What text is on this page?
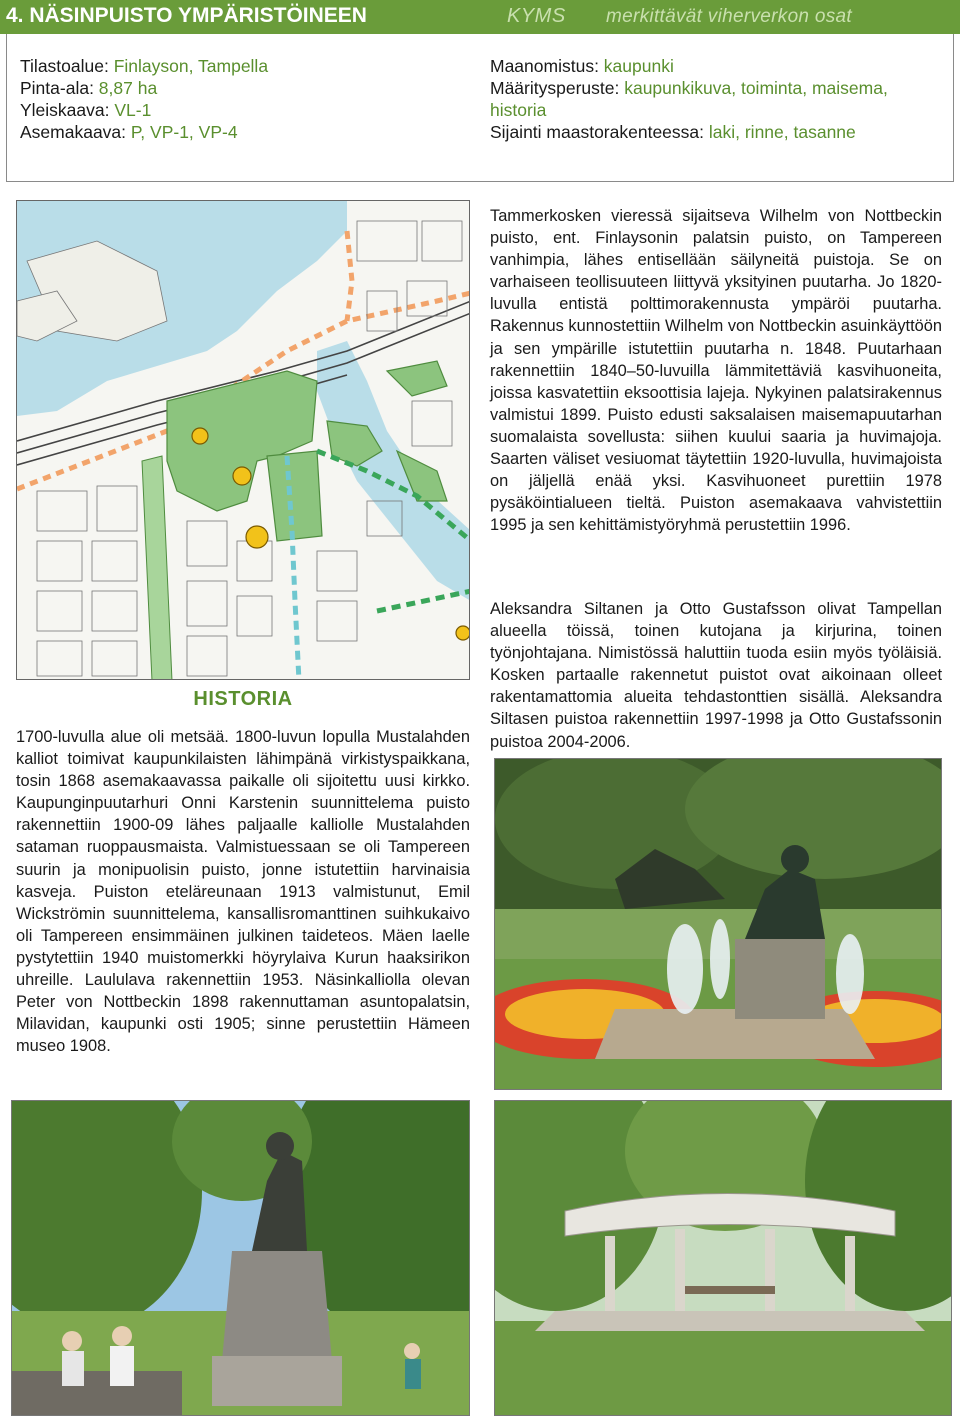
4. NÄSINPUISTO YMPÄRISTÖINEEN	KYMS merkittävät viherverkon osat
Tilastoalue: Finlayson, Tampella
Pinta-ala: 8,87 ha
Yleiskaava: VL-1
Asemakaava: P, VP-1, VP-4
Maanomistus: kaupunki
Määritysperuste: kaupunkikuva, toiminta, maisema,
historia
Sijainti maastorakenteessa: laki, rinne, tasanne
HISTORIA
1700-luvulla alue oli metsää. 1800-luvun lopulla Mustalahden kalliot toimivat kaupunkilaisten lähimpänä virkistyspaikkana, tosin 1868 asemakaavassa paikalle oli sijoitettu uusi kirkko. Kaupunginpuutarhuri Onni Karstenin suunnittelema puisto rakennettiin 1900-09 lähes paljaalle kalliolle Mustalahden sataman ruoppausmaista. Valmistuessaan se oli Tampereen suurin ja monipuolisin puisto, jonne istutettiin harvinaisia kasveja. Puiston eteläreunaan 1913 valmistunut, Emil Wickströmin suunnittelema, kansallisromanttinen suihkukaivo oli Tampereen ensimmäinen julkinen taideteos. Mäen laelle pystytettiin 1940 muistomerkki höyrylaiva Kurun haaksirikon uhreille. Laululava rakennettiin 1953. Näsinkalliolla olevan Peter von Nottbeckin 1898 rakennuttaman asuntopalatsin, Milavidan, kaupunki osti 1905; sinne perustettiin Hämeen museo 1908.
Tammerkosken vieressä sijaitseva Wilhelm von Nottbeckin puisto, ent. Finlaysonin palatsin puisto, on Tampereen vanhimpia, lähes entisellään säilyneitä puistoja. Se on varhaiseen teollisuuteen liittyvä yksityinen puutarha. Jo 1820-luvulla entistä polttimorakennusta ympäröi puutarha. Rakennus kunnostettiin Wilhelm von Nottbeckin asuinkäyttöön ja sen ympärille istutettiin puutarha n. 1848. Puutarhaan rakennettiin 1840–50-luvuilla lämmitettäviä kasvihuoneita, joissa kasvatettiin eksoottisia lajeja. Nykyinen palatsirakennus valmistui 1899. Puisto edusti saksalaisen maisemapuutarhan suomalaista sovellusta: siihen kuului saaria ja huvimajoja. Saarten väliset vesiuomat täytettiin 1920-luvulla, huvimajoista on jäljellä enää yksi. Kasvihuoneet purettiin 1978 pysäköintialueen tieltä. Puiston asemakaava vahvistettiin 1995 ja sen kehittämistyöryhmä perustettiin 1996.
Aleksandra Siltanen ja Otto Gustafsson olivat Tampellan alueella töissä, toinen kutojana ja kirjurina, toinen työnjohtajana. Nimistössä haluttiin tuoda esiin myös työläisiä. Kosken partaalle rakennetut puistot ovat aikoinaan olleet rakentamattomia alueita tehdastonttien sisällä. Aleksandra Siltasen puistoa rakennettiin 1997-1998 ja Otto Gustafssonin puistoa 2004-2006.
